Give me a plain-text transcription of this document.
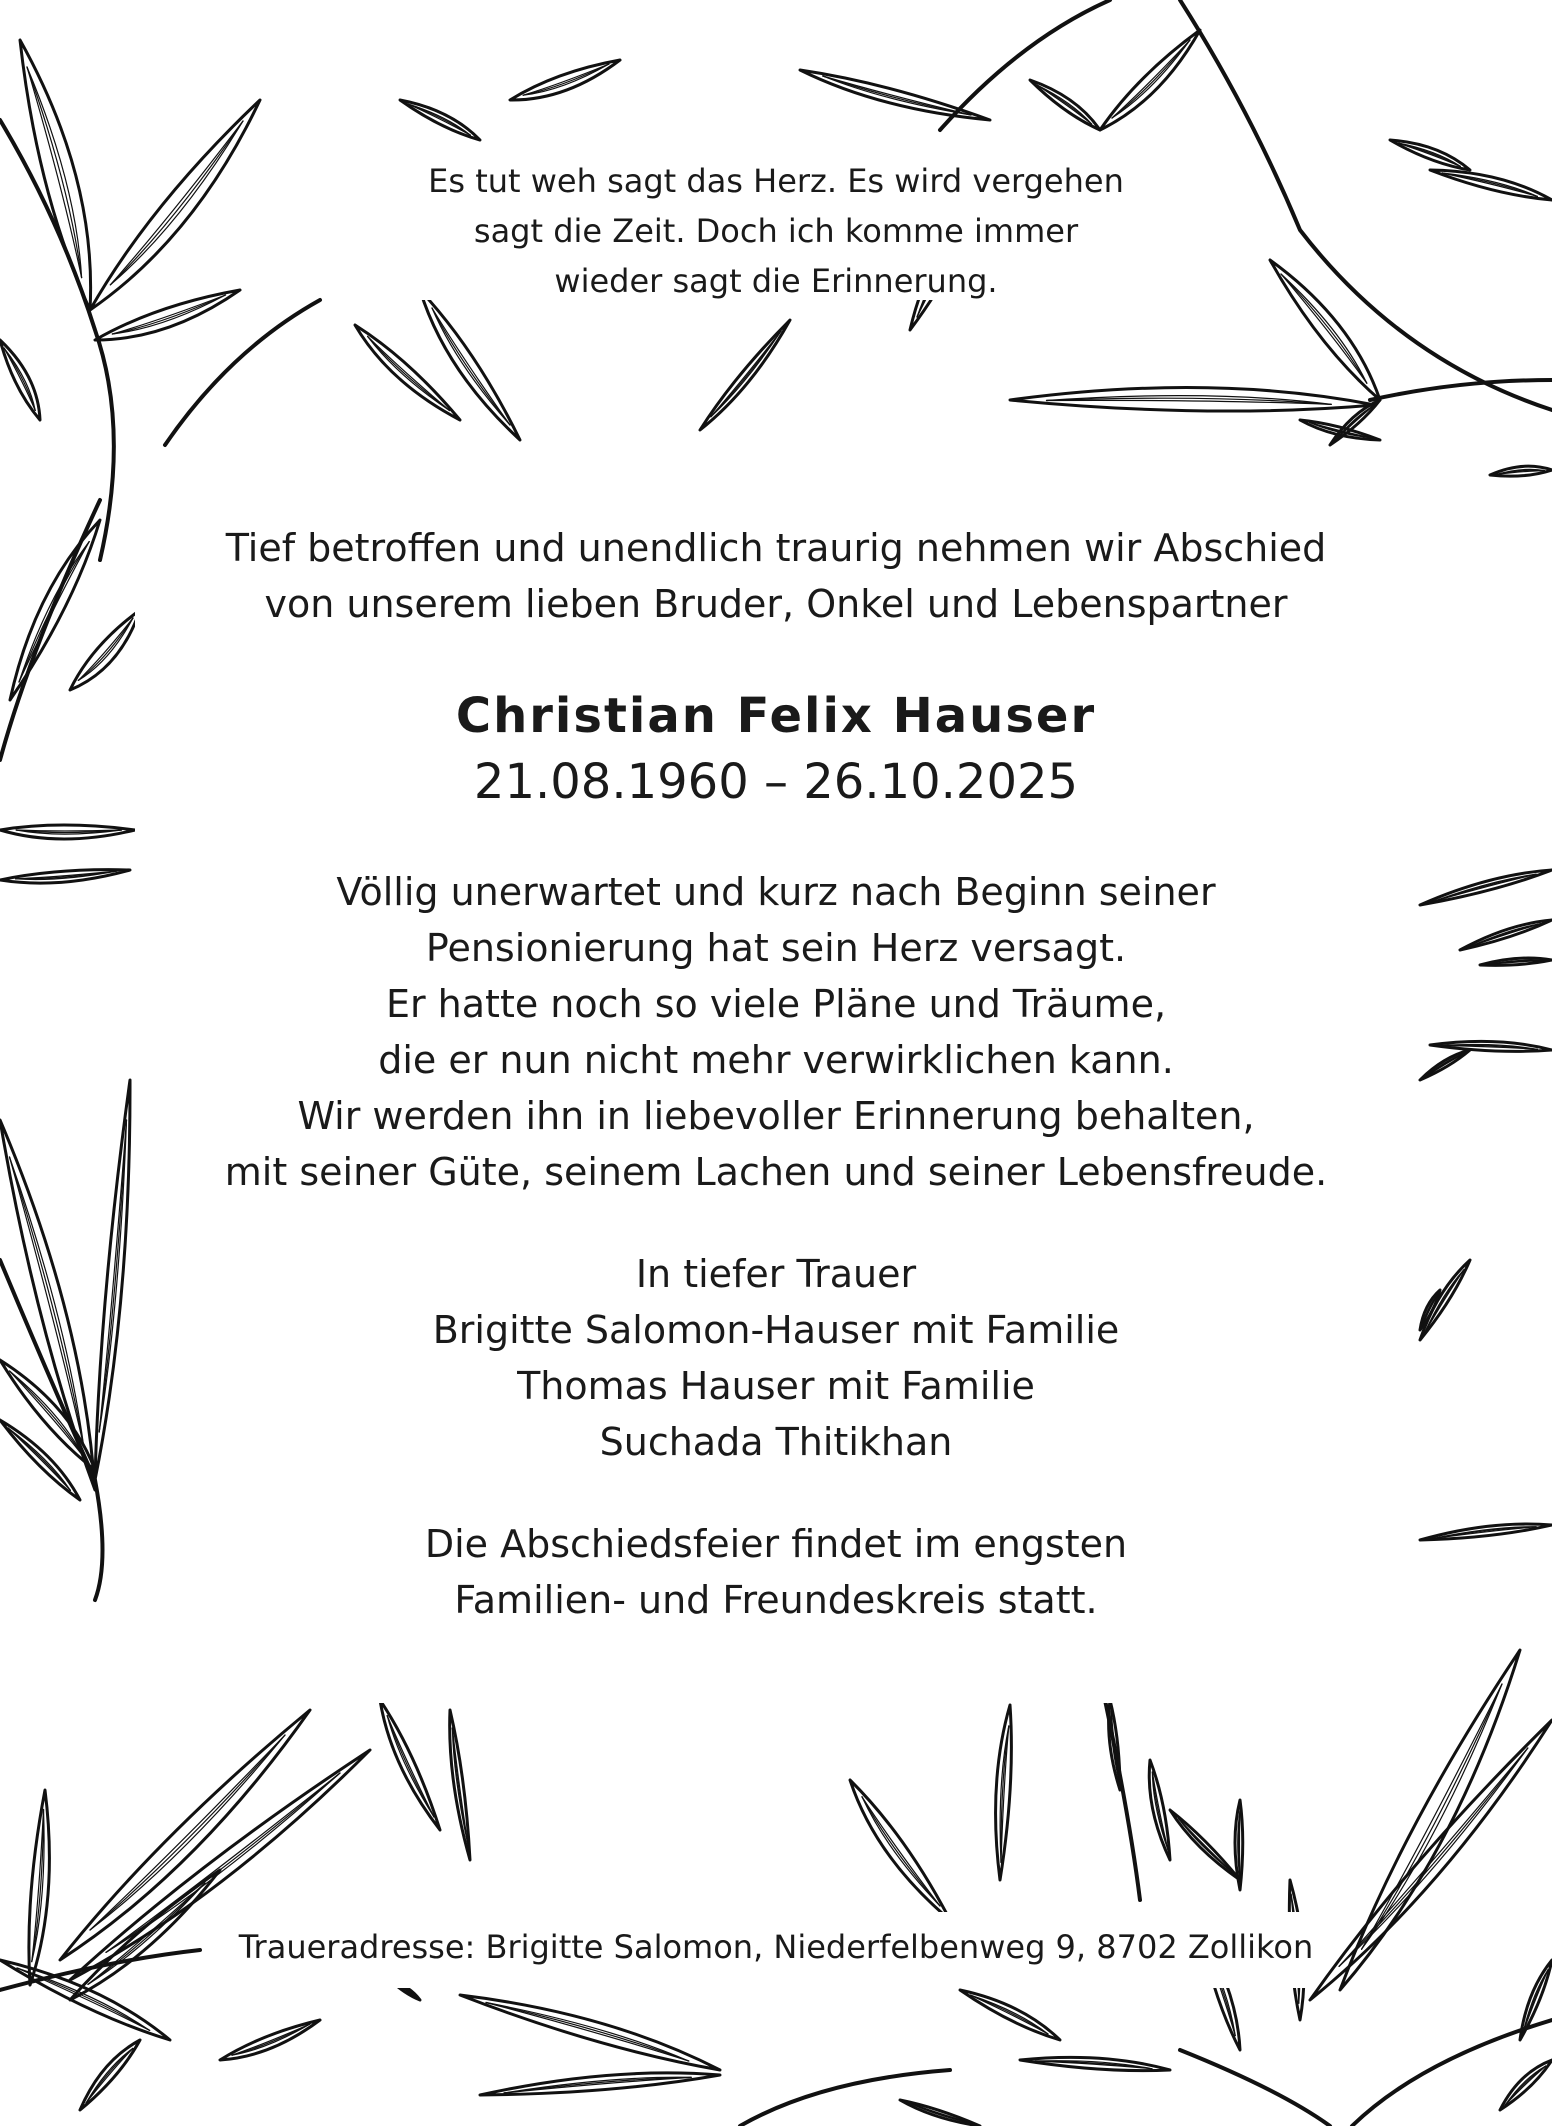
Es tut weh sagt das Herz. Es wird vergehen
sagt die Zeit. Doch ich komme immer
wieder sagt die Erinnerung.
Tief betroffen und unendlich traurig nehmen wir Abschied
von unserem lieben Bruder, Onkel und Lebenspartner
Christian Felix Hauser
21.08.1960 – 26.10.2025
Völlig unerwartet und kurz nach Beginn seiner
Pensionierung hat sein Herz versagt.
Er hatte noch so viele Pläne und Träume,
die er nun nicht mehr verwirklichen kann.
Wir werden ihn in liebevoller Erinnerung behalten,
mit seiner Güte, seinem Lachen und seiner Lebensfreude.
In tiefer Trauer
Brigitte Salomon-Hauser mit Familie
Thomas Hauser mit Familie
Suchada Thitikhan
Die Abschiedsfeier findet im engsten
Familien- und Freundeskreis statt.
Traueradresse: Brigitte Salomon, Niederfelbenweg 9, 8702 Zollikon
